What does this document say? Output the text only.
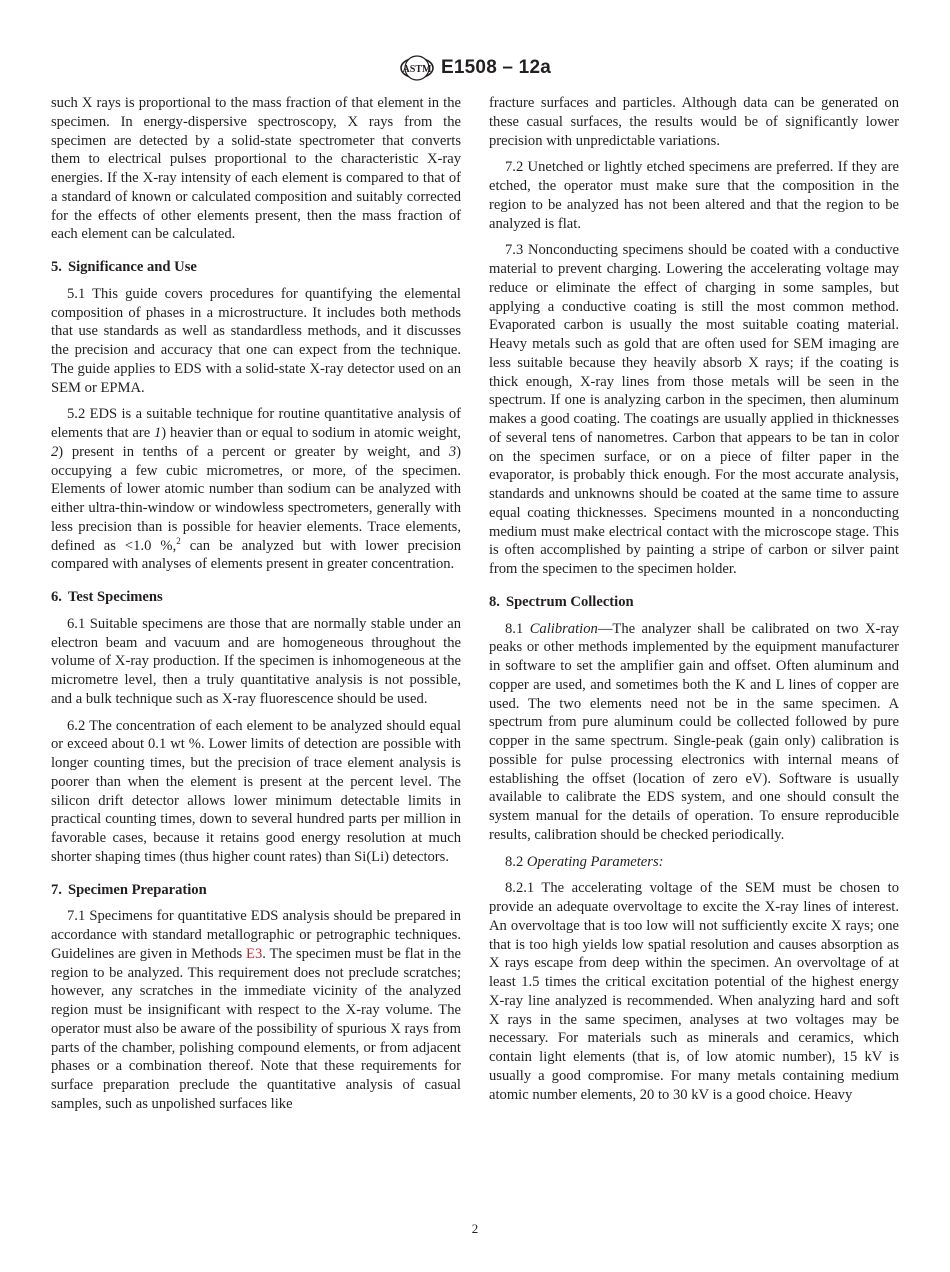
ASTM E1508 – 12a

such X rays is proportional to the mass fraction of that element in the specimen. In energy-dispersive spectroscopy, X rays from the specimen are detected by a solid-state spectrometer that converts them to electrical pulses proportional to the characteristic X-ray energies. If the X-ray intensity of each element is compared to that of a standard of known or calculated composition and suitably corrected for the effects of other elements present, then the mass fraction of each element can be calculated.

5. Significance and Use

5.1 This guide covers procedures for quantifying the elemental composition of phases in a microstructure. It includes both methods that use standards as well as standardless methods, and it discusses the precision and accuracy that one can expect from the technique. The guide applies to EDS with a solid-state X-ray detector used on an SEM or EPMA.

5.2 EDS is a suitable technique for routine quantitative analysis of elements that are 1) heavier than or equal to sodium in atomic weight, 2) present in tenths of a percent or greater by weight, and 3) occupying a few cubic micrometres, or more, of the specimen. Elements of lower atomic number than sodium can be analyzed with either ultra-thin-window or windowless spectrometers, generally with less precision than is possible for heavier elements. Trace elements, defined as <1.0 %,$^2$ can be analyzed but with lower precision compared with analyses of elements present in greater concentration.

6. Test Specimens

6.1 Suitable specimens are those that are normally stable under an electron beam and vacuum and are homogeneous throughout the volume of X-ray production. If the specimen is inhomogeneous at the micrometre level, then a truly quantitative analysis is not possible, and a bulk technique such as X-ray fluorescence should be used.

6.2 The concentration of each element to be analyzed should equal or exceed about 0.1 wt %. Lower limits of detection are possible with longer counting times, but the precision of trace element analysis is poorer than when the element is present at the percent level. The silicon drift detector allows lower minimum detectable limits in practical counting times, down to several hundred parts per million in favorable cases, because it retains good energy resolution at much shorter shaping times (thus higher count rates) than Si(Li) detectors.

7. Specimen Preparation

7.1 Specimens for quantitative EDS analysis should be prepared in accordance with standard metallographic or petrographic techniques. Guidelines are given in Methods E3. The specimen must be flat in the region to be analyzed. This requirement does not preclude scratches; however, any scratches in the immediate vicinity of the analyzed region must be insignificant with respect to the X-ray volume. The operator must also be aware of the possibility of spurious X rays from parts of the chamber, polishing compound elements, or from adjacent phases or a combination thereof. Note that these requirements for surface preparation preclude the quantitative analysis of casual samples, such as unpolished surfaces like

fracture surfaces and particles. Although data can be generated on these casual surfaces, the results would be of significantly lower precision with unpredictable variations.

7.2 Unetched or lightly etched specimens are preferred. If they are etched, the operator must make sure that the composition in the region to be analyzed has not been altered and that the region to be analyzed is flat.

7.3 Nonconducting specimens should be coated with a conductive material to prevent charging. Lowering the accelerating voltage may reduce or eliminate the effect of charging in some samples, but applying a conductive coating is still the most common method. Evaporated carbon is usually the most suitable coating material. Heavy metals such as gold that are often used for SEM imaging are less suitable because they heavily absorb X rays; if the coating is thick enough, X-ray lines from those metals will be seen in the spectrum. If one is analyzing carbon in the specimen, then aluminum makes a good coating. The coatings are usually applied in thicknesses of several tens of nanometres. Carbon that appears to be tan in color on the specimen surface, or on a piece of filter paper in the evaporator, is probably thick enough. For the most accurate analysis, standards and unknowns should be coated at the same time to assure equal coating thicknesses. Specimens mounted in a nonconducting medium must make electrical contact with the microscope stage. This is often accomplished by painting a stripe of carbon or silver paint from the specimen to the specimen holder.

8. Spectrum Collection

8.1 Calibration—The analyzer shall be calibrated on two X-ray peaks or other methods implemented by the equipment manufacturer in software to set the amplifier gain and offset. Often aluminum and copper are used, and sometimes both the K and L lines of copper are used. The two elements need not be in the same specimen. A spectrum from pure aluminum could be collected followed by pure copper in the same spectrum. Single-peak (gain only) calibration is possible for pulse processing electronics with internal means of establishing the offset (location of zero eV). Software is usually available to calibrate the EDS system, and one should consult the system manual for the details of operation. To ensure reproducible results, calibration should be checked periodically.

8.2 Operating Parameters:

8.2.1 The accelerating voltage of the SEM must be chosen to provide an adequate overvoltage to excite the X-ray lines of interest. An overvoltage that is too low will not sufficiently excite X rays; one that is too high yields low spatial resolution and causes absorption as X rays escape from deep within the specimen. An overvoltage of at least 1.5 times the critical excitation potential of the highest energy X-ray line analyzed is recommended. When analyzing hard and soft X rays in the same specimen, analyses at two voltages may be necessary. For materials such as minerals and ceramics, which contain light elements (that is, of low atomic number), 15 kV is usually a good compromise. For many metals containing medium atomic number elements, 20 to 30 kV is a good choice. Heavy

2
